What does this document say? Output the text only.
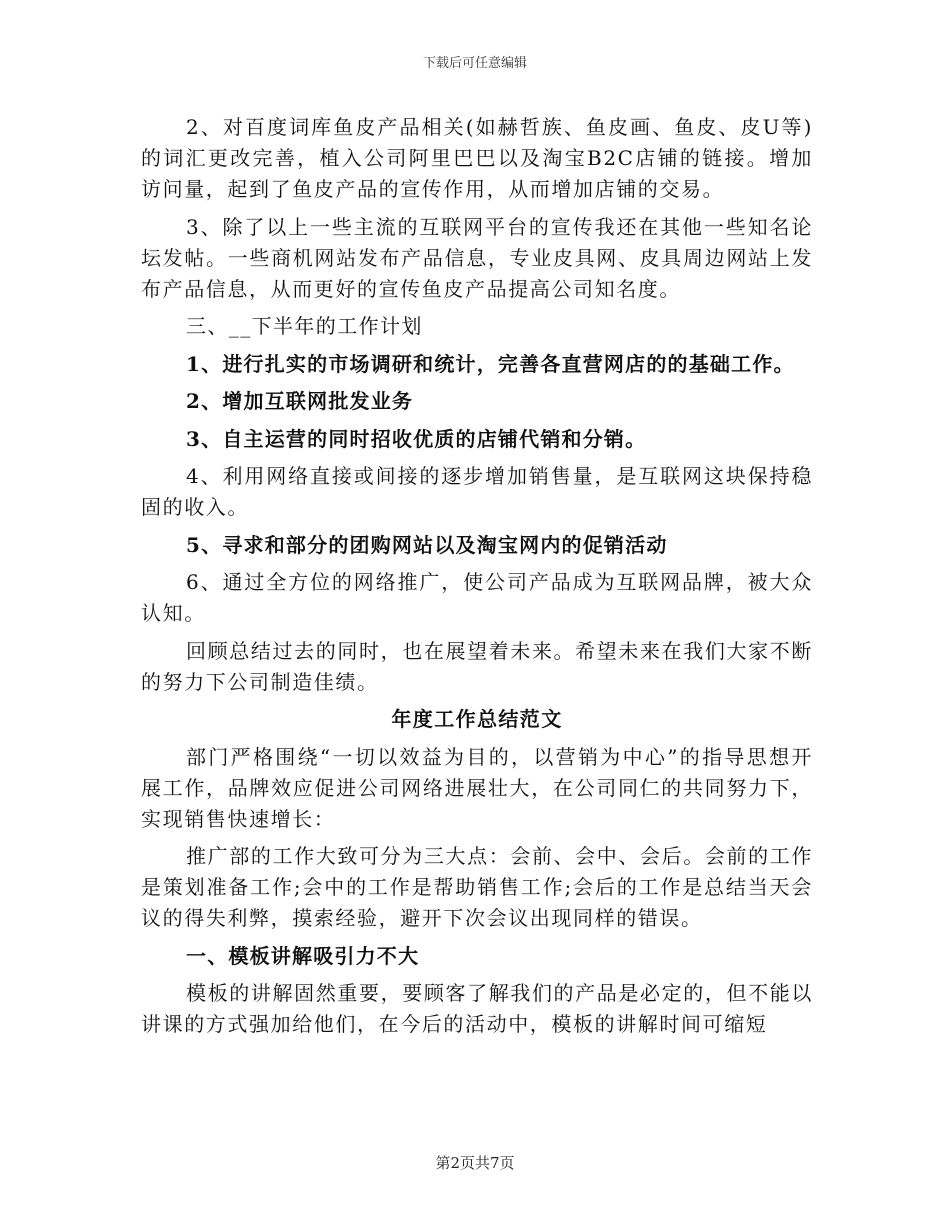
下载后可任意编辑

2、对百度词库鱼皮产品相关(如赫哲族、鱼皮画、鱼皮、皮U等)的词汇更改完善，植入公司阿里巴巴以及淘宝B2C店铺的链接。增加访问量，起到了鱼皮产品的宣传作用，从而增加店铺的交易。

3、除了以上一些主流的互联网平台的宣传我还在其他一些知名论坛发帖。一些商机网站发布产品信息，专业皮具网、皮具周边网站上发布产品信息，从而更好的宣传鱼皮产品提高公司知名度。

三、__下半年的工作计划

1、进行扎实的市场调研和统计，完善各直营网店的的基础工作。

2、增加互联网批发业务

3、自主运营的同时招收优质的店铺代销和分销。

4、利用网络直接或间接的逐步增加销售量，是互联网这块保持稳固的收入。

5、寻求和部分的团购网站以及淘宝网内的促销活动

6、通过全方位的网络推广，使公司产品成为互联网品牌，被大众认知。

回顾总结过去的同时，也在展望着未来。希望未来在我们大家不断的努力下公司制造佳绩。

年度工作总结范文

部门严格围绕“一切以效益为目的，以营销为中心”的指导思想开展工作，品牌效应促进公司网络进展壮大，在公司同仁的共同努力下，实现销售快速增长：

推广部的工作大致可分为三大点：会前、会中、会后。会前的工作是策划准备工作;会中的工作是帮助销售工作;会后的工作是总结当天会议的得失利弊，摸索经验，避开下次会议出现同样的错误。

一、模板讲解吸引力不大

模板的讲解固然重要，要顾客了解我们的产品是必定的，但不能以讲课的方式强加给他们，在今后的活动中，模板的讲解时间可缩短

第2页共7页
